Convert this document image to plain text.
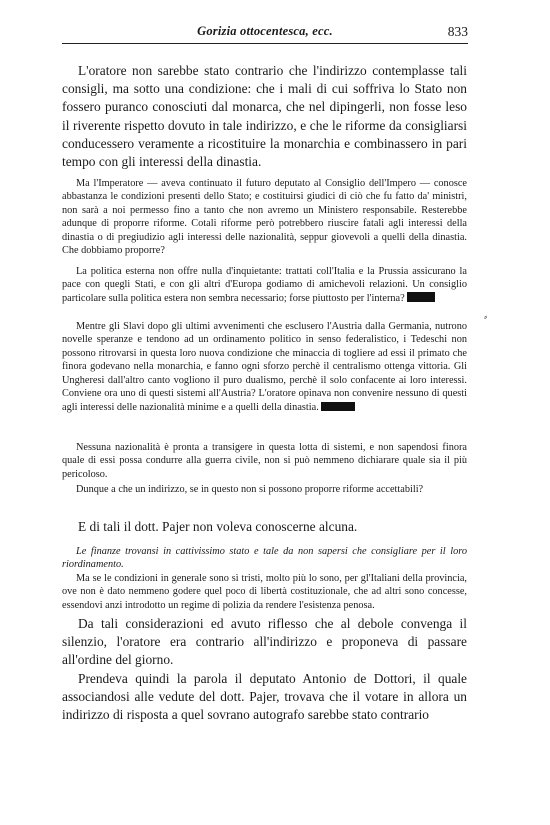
Gorizia ottocentesca, ecc.	833

L'oratore non sarebbe stato contrario che l'indirizzo contemplasse tali consigli, ma sotto una condizione: che i mali di cui soffriva lo Stato non fossero puranco conosciuti dal monarca, che nel dipingerli, non fosse leso il riverente rispetto dovuto in tale indirizzo, e che le riforme da consigliarsi conducessero veramente a ricostituire la monarchia e combinassero in pari tempo con gli interessi della dinastia.

Ma l'Imperatore — aveva continuato il futuro deputato al Consiglio dell'Impero — conosce abbastanza le condizioni presenti dello Stato; e costituirsi giudici di ciò che fu fatto da' ministri, non sarà a noi permesso fino a tanto che non avremo un Ministero responsabile. Resterebbe adunque di proporre riforme. Cotali riforme però potrebbero riuscire fatali agli interessi della dinastia o di pregiudizio agli interessi delle nazionalità, seppur giovevoli a quelli della dinastia. Che dobbiamo proporre?

La politica esterna non offre nulla d'inquietante: trattati coll'Italia e la Prussia assicurano la pace con quegli Stati, e con gli altri d'Europa godiamo di amichevoli relazioni. Un consiglio particolare sulla politica estera non sembra necessario; forse piuttosto per l'interna?

⸗

Mentre gli Slavi dopo gli ultimi avvenimenti che esclusero l'Austria dalla Germania, nutrono novelle speranze e tendono ad un ordinamento politico in senso federalistico, i Tedeschi non possono ritrovarsi in questa loro nuova condizione che minaccia di togliere ad essi il primato che finora godevano nella monarchia, e fanno ogni sforzo perchè il centralismo ottenga vittoria. Gli Ungheresi dall'altro canto vogliono il puro dualismo, perchè il solo confacente ai loro interessi. Conviene ora uno di questi sistemi all'Austria? L'oratore opinava non convenire nessuno di questi agli interessi delle nazionalità minime e a quelli della dinastia.

Nessuna nazionalità è pronta a transigere in questa lotta di sistemi, e non sapendosi finora quale di essi possa condurre alla guerra civile, non si può nemmeno dichiarare quale sia il più pericoloso.

Dunque a che un indirizzo, se in questo non si possono proporre riforme accettabili?

E di tali il dott. Pajer non voleva conoscerne alcuna.

Le finanze trovansi in cattivissimo stato e tale da non sapersi che consigliare per il loro riordinamento.

Ma se le condizioni in generale sono sì tristi, molto più lo sono, per gl'Italiani della provincia, ove non è dato nemmeno godere quel poco di libertà costituzionale, che ad altri sono concesse, essendovi anzi introdotto un regime di polizia da rendere l'esistenza penosa.

Da tali considerazioni ed avuto riflesso che al debole convenga il silenzio, l'oratore era contrario all'indirizzo e proponeva di passare all'ordine del giorno.

Prendeva quindi la parola il deputato Antonio de Dottori, il quale associandosi alle vedute del dott. Pajer, trovava che il votare in allora un indirizzo di risposta a quel sovrano autografo sarebbe stato contrario
